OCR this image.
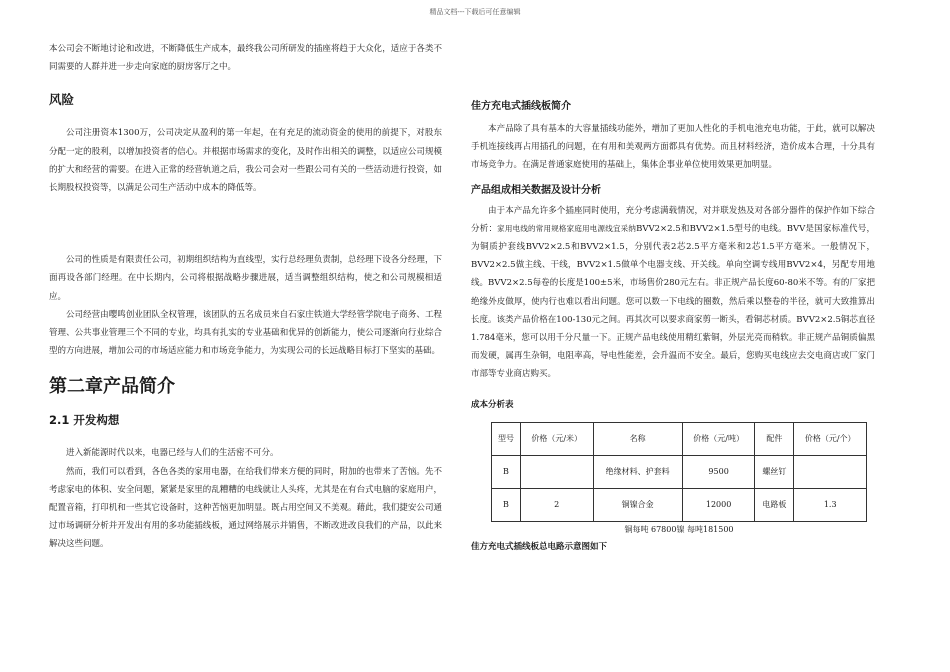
精品文档---下载后可任意编辑

本公司会不断地讨论和改进，不断降低生产成本，最终我公司所研发的插座将趋于大众化，适应于各类不同需要的人群并进一步走向家庭的厨房客厅之中。

风险

公司注册资本1300万，公司决定从盈利的第一年起，在有充足的流动资金的使用的前提下，对股东分配一定的股利，以增加投资者的信心。并根据市场需求的变化，及时作出相关的调整，以适应公司规模的扩大和经营的需要。在进入正常的经营轨道之后，我公司会对一些跟公司有关的一些活动进行投资，如长期股权投资等，以满足公司生产活动中成本的降低等。

公司的性质是有限责任公司，初期组织结构为直线型，实行总经理负责制，总经理下设各分经理，下面再设各部门经理。在中长期内，公司将根据战略步骤进展，适当调整组织结构，使之和公司规模相适应。

公司经营由嘤鸣创业团队全权管理，该团队的五名成员来自石家庄铁道大学经管学院电子商务、工程管理、公共事业管理三个不同的专业，均具有扎实的专业基础和优异的创新能力，使公司逐渐向行业综合型的方向进展，增加公司的市场适应能力和市场竞争能力，为实现公司的长远战略目标打下坚实的基础。

第二章产品简介
2.1 开发构想

进入新能源时代以来，电器已经与人们的生活密不可分。

然而，我们可以看到，各色各类的家用电器，在给我们带来方便的同时，附加的也带来了苦恼。先不考虑家电的体积、安全问题，紧紧是家里的乱糟糟的电线就让人头疼，尤其是在有台式电脑的家庭用户，配置音箱，打印机和一些其它设备时，这种苦恼更加明显。既占用空间又不美观。藉此，我们捷安公司通过市场调研分析并开发出有用的多功能插线板，通过网络展示并销售，不断改进改良我们的产品，以此来解决这些问题。

佳方充电式插线板简介

本产品除了具有基本的大容量插线功能外，增加了更加人性化的手机电池充电功能，于此，就可以解决手机连接线再占用插孔的问题，在有用和美观两方面都具有优势。而且材料经济，造价成本合理，十分具有市场竞争力。在满足普通家庭使用的基础上，集体企事业单位使用效果更加明显。

产品组成相关数据及设计分析

由于本产品允许多个插座同时使用，充分考虑满载情况，对并联发热及对各部分器件的保护作如下综合分析：家用电线的常用规格家庭用电源线宜采纳BVV2×2.5和BVV2×1.5型号的电线。BVV是国家标准代号，为铜质护套线BVV2×2.5和BVV2×1.5，分别代表2芯2.5平方毫米和2芯1.5平方毫米。一般情况下，BVV2×2.5做主线、干线，BVV2×1.5做单个电器支线、开关线。单向空调专线用BVV2×4，另配专用地线。BVV2×2.5每卷的长度是100±5米，市场售价280元左右。非正规产品长度60-80米不等。有的厂家把绝缘外皮做厚，使内行也难以看出问题。您可以数一下电线的圈数，然后乘以整卷的半径，就可大致推算出长度。该类产品价格在100-130元之间。再其次可以要求商家剪一断头，看铜芯材质。BVV2×2.5铜芯直径1.784毫米，您可以用千分尺量一下。正规产品电线使用精红紫铜，外层光亮而稍软。非正规产品铜质偏黑而发硬，属再生杂铜，电阻率高，导电性能差，会升温而不安全。最后，您购买电线应去交电商店或厂家门市部等专业商店购买。

成本分析表
型号	价格（元/米）	名称	价格（元/吨）	配件	价格（元/个）
B		绝缘材料、护套料	9500	螺丝钉	
B	2	铜镍合金	12000	电路板	1.3

铜每吨 67800镍 每吨181500

佳方充电式插线板总电路示意图如下
